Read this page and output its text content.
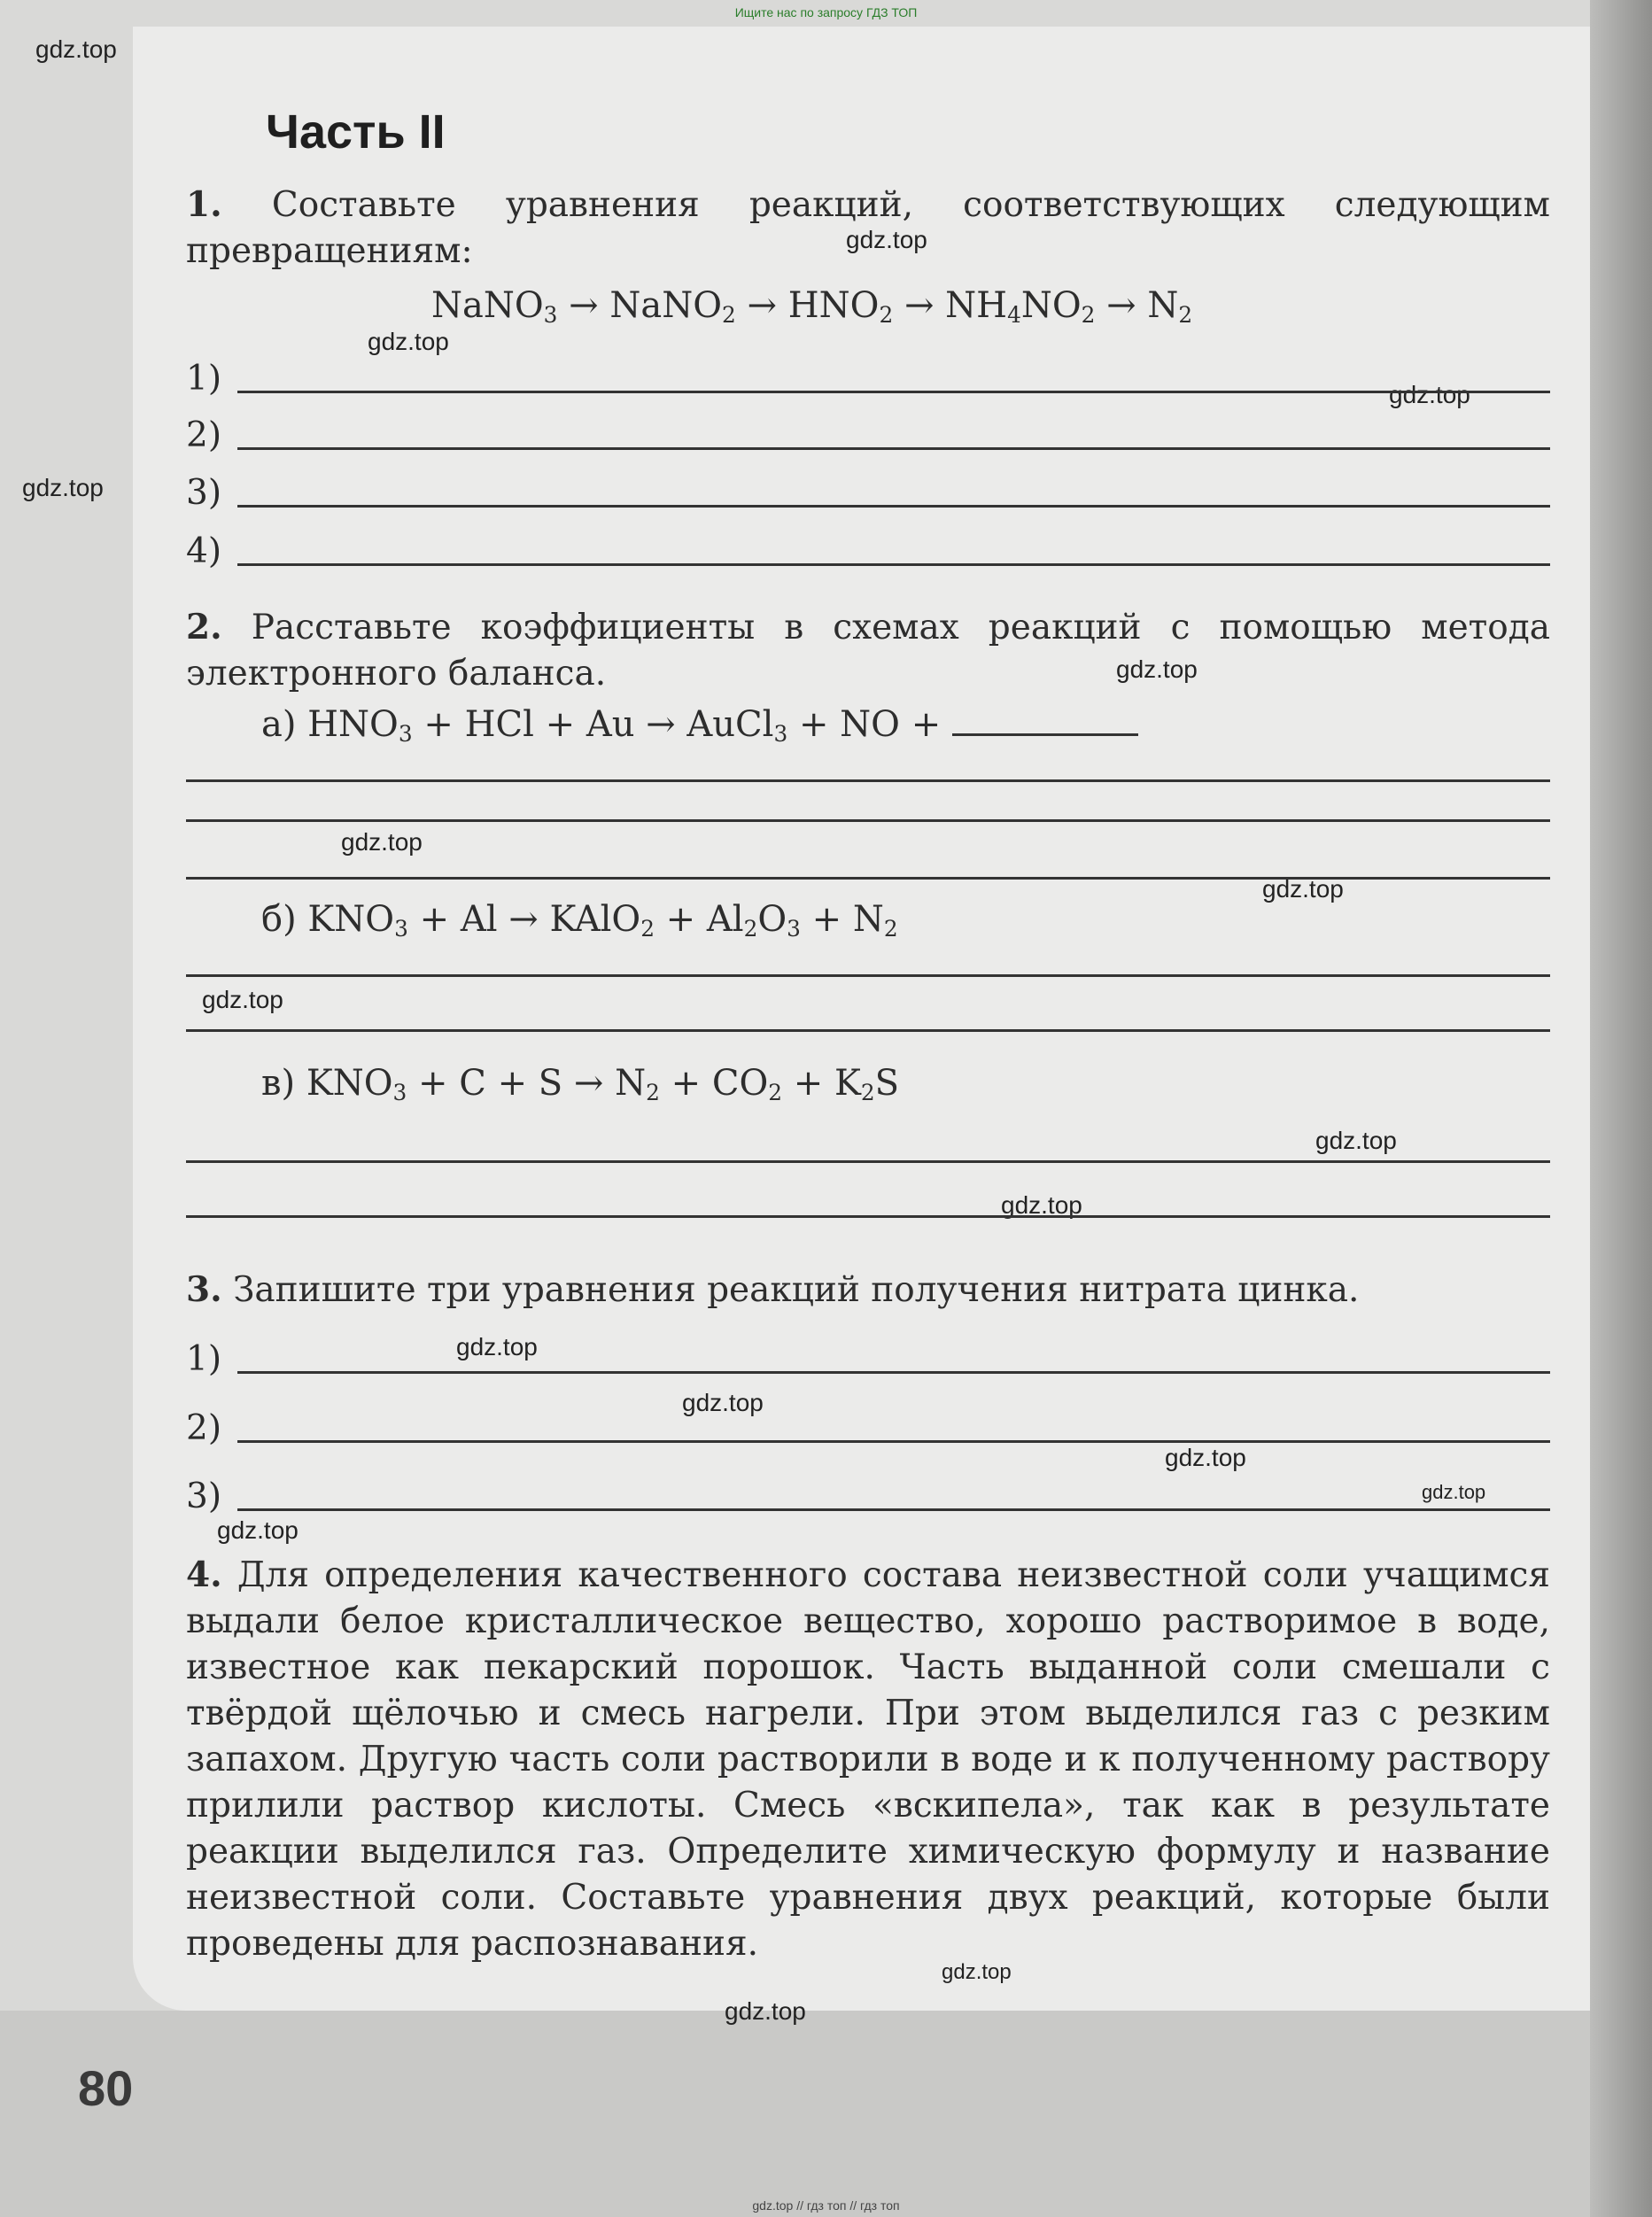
Ищите нас по запросу ГДЗ ТОП
gdz.top
gdz.top
gdz.top
gdz.top
gdz.top
gdz.top
gdz.top
gdz.top
gdz.top
gdz.top
gdz.top
gdz.top
gdz.top
gdz.top
gdz.top
gdz.top
gdz.top
gdz.top
Часть II
1. Составьте уравнения реакций, соответствующих следующим превращениям:
NaNO$_3$ → NaNO$_2$ → $HNO_2 \to NH_4NO_2 \to N_2$
1)
2)
3)
4)
2. Расставьте коэффициенты в схемах реакций с помощью метода электронного баланса.
а) $HNO_3$ + HCl + Au → AuCl$_3$ + NO +
б) $KNO_3 + Al$ → KAlO$_2$ + $Al_2O_3 + N_2$
в) $KNO_3 + C + S \to N_2 + CO_2 + K_2S$
3. Запишите три уравнения реакций получения нитрата цинка.
1)
2)
3)
4. Для определения качественного состава неизвестной соли учащимся выдали белое кристаллическое вещество, хорошо растворимое в воде, известное как пекарский порошок. Часть выданной соли смешали с твёрдой щёлочью и смесь нагрели. При этом выделился газ с резким запахом. Другую часть соли растворили в воде и к полученному раствору прилили раствор кислоты. Смесь «вскипела», так как в результате реакции выделился газ. Определите химическую формулу и название неизвестной соли. Составьте уравнения двух реакций, которые были проведены для распознавания.
80
gdz.top // гдз топ // гдз топ
